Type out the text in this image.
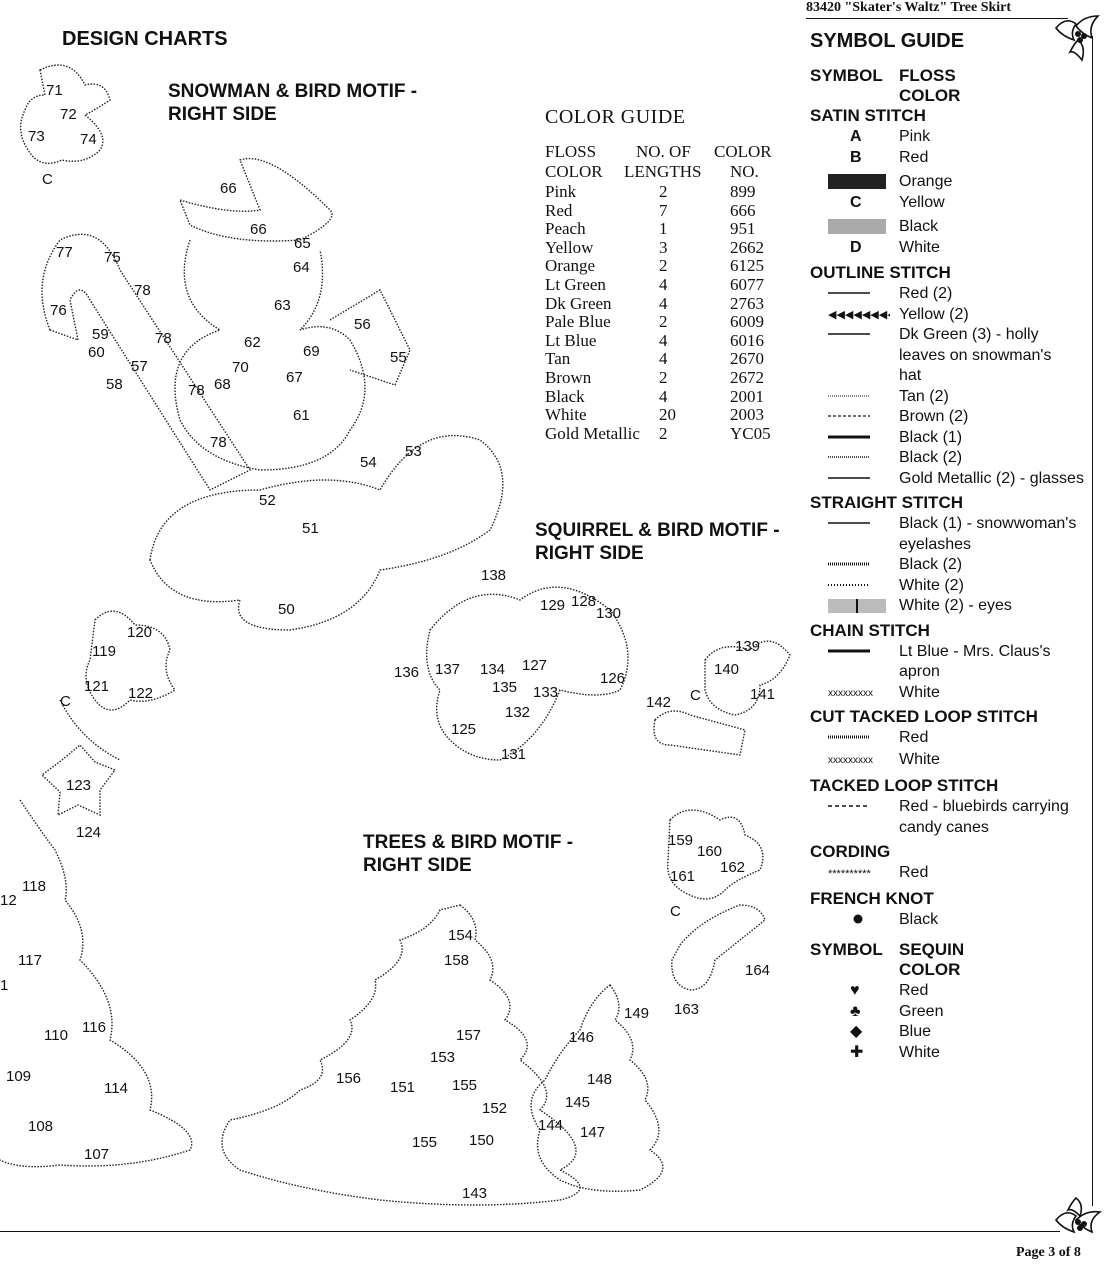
83420 "Skater's Waltz" Tree Skirt
Page 3 of 8
DESIGN CHARTS
SNOWMAN & BIRD MOTIF -
RIGHT SIDE
SQUIRREL & BIRD MOTIF -
RIGHT SIDE
TREES & BIRD MOTIF -
RIGHT SIDE
COLOR GUIDE
FLOSS NO. OF COLOR
COLOR LENGTHS NO.
Pink	2	899
Red	7	666
Peach	1	951
Yellow	3	2662
Orange	2	6125
Lt Green	4	6077
Dk Green	4	2763
Pale Blue	2	6009
Lt Blue	4	6016
Tan	4	2670
Brown	2	2672
Black	4	2001
White	20	2003
Gold Metallic 2	YC05
SYMBOL GUIDE
SYMBOL FLOSS
COLOR
SATIN STITCH
A Pink
B Red
Orange
C Yellow
Black
D White
OUTLINE STITCH
Red (2)
◀◀◀◀◀◀◀◀ Yellow (2)
Dk Green (3) - holly
leaves on snowman's
hat
Tan (2)
Brown (2)
Black (1)
Black (2)
Gold Metallic (2) - glasses
STRAIGHT STITCH
Black (1) - snowwoman's
eyelashes
Black (2)
White (2)
White (2) - eyes
CHAIN STITCH
Lt Blue - Mrs. Claus's
apron
xxxxxxxxx White
CUT TACKED LOOP STITCH
Red
xxxxxxxxx White
TACKED LOOP STITCH
Red - bluebirds carrying
candy canes
CORDING
********** Red
FRENCH KNOT
Black
SYMBOL SEQUIN
COLOR
♥ Red
♣ Green
◆ Blue
✚ White
71
72
73 74
C
77 75
76
78
59
60
57
58
78
78
78
66
66
65
64
63
62
56
69	55
70
68	67
61
54
53
52
51
50
138
129 128
130
136 137 134 127
135 133
126
132
125
131
139
140
141
142 C
120
119
121 122
C
123
124
118
117
110 116
109
114
108
107
12
1
154
158
157
153
156
151 155
152
155 150
143
146
149
148
145
144 147
159
160
161
162
C
164
163
